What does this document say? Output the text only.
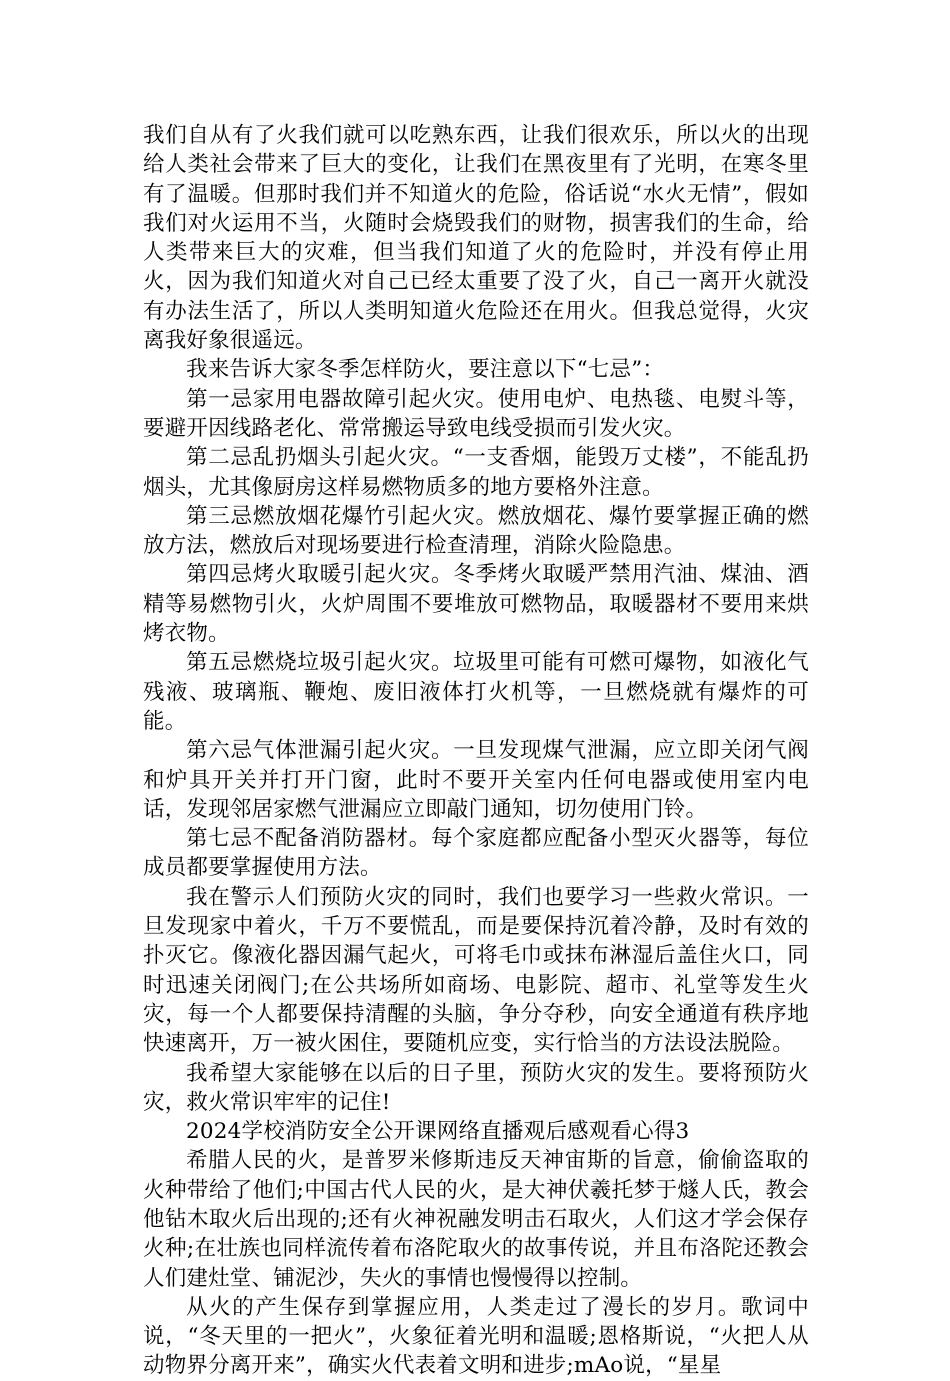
我们自从有了火我们就可以吃熟东西，让我们很欢乐，所以火的出现给人类社会带来了巨大的变化，让我们在黑夜里有了光明，在寒冬里有了温暖。但那时我们并不知道火的危险，俗话说“水火无情”，假如我们对火运用不当，火随时会烧毁我们的财物，损害我们的生命，给人类带来巨大的灾难，但当我们知道了火的危险时，并没有停止用火，因为我们知道火对自己已经太重要了没了火，自己一离开火就没有办法生活了，所以人类明知道火危险还在用火。但我总觉得，火灾离我好象很遥远。

我来告诉大家冬季怎样防火，要注意以下“七忌”：

第一忌家用电器故障引起火灾。使用电炉、电热毯、电熨斗等，要避开因线路老化、常常搬运导致电线受损而引发火灾。

第二忌乱扔烟头引起火灾。“一支香烟，能毁万丈楼”，不能乱扔烟头，尤其像厨房这样易燃物质多的地方要格外注意。

第三忌燃放烟花爆竹引起火灾。燃放烟花、爆竹要掌握正确的燃放方法，燃放后对现场要进行检查清理，消除火险隐患。

第四忌烤火取暖引起火灾。冬季烤火取暖严禁用汽油、煤油、酒精等易燃物引火，火炉周围不要堆放可燃物品，取暖器材不要用来烘烤衣物。

第五忌燃烧垃圾引起火灾。垃圾里可能有可燃可爆物，如液化气残液、玻璃瓶、鞭炮、废旧液体打火机等，一旦燃烧就有爆炸的可能。

第六忌气体泄漏引起火灾。一旦发现煤气泄漏，应立即关闭气阀和炉具开关并打开门窗，此时不要开关室内任何电器或使用室内电话，发现邻居家燃气泄漏应立即敲门通知，切勿使用门铃。

第七忌不配备消防器材。每个家庭都应配备小型灭火器等，每位成员都要掌握使用方法。

我在警示人们预防火灾的同时，我们也要学习一些救火常识。一旦发现家中着火，千万不要慌乱，而是要保持沉着冷静，及时有效的扑灭它。像液化器因漏气起火，可将毛巾或抹布淋湿后盖住火口，同时迅速关闭阀门;在公共场所如商场、电影院、超市、礼堂等发生火灾，每一个人都要保持清醒的头脑，争分夺秒，向安全通道有秩序地快速离开，万一被火困住，要随机应变，实行恰当的方法设法脱险。

我希望大家能够在以后的日子里，预防火灾的发生。要将预防火灾，救火常识牢牢的记住!

2024学校消防安全公开课网络直播观后感观看心得3

希腊人民的火，是普罗米修斯违反天神宙斯的旨意，偷偷盗取的火种带给了他们;中国古代人民的火，是大神伏羲托梦于燧人氏，教会他钻木取火后出现的;还有火神祝融发明击石取火，人们这才学会保存火种;在壮族也同样流传着布洛陀取火的故事传说，并且布洛陀还教会人们建灶堂、铺泥沙，失火的事情也慢慢得以控制。

从火的产生保存到掌握应用，人类走过了漫长的岁月。歌词中说，“冬天里的一把火”，火象征着光明和温暖;恩格斯说，“火把人从动物界分离开来”，确实火代表着文明和进步;mAo说，“星星
